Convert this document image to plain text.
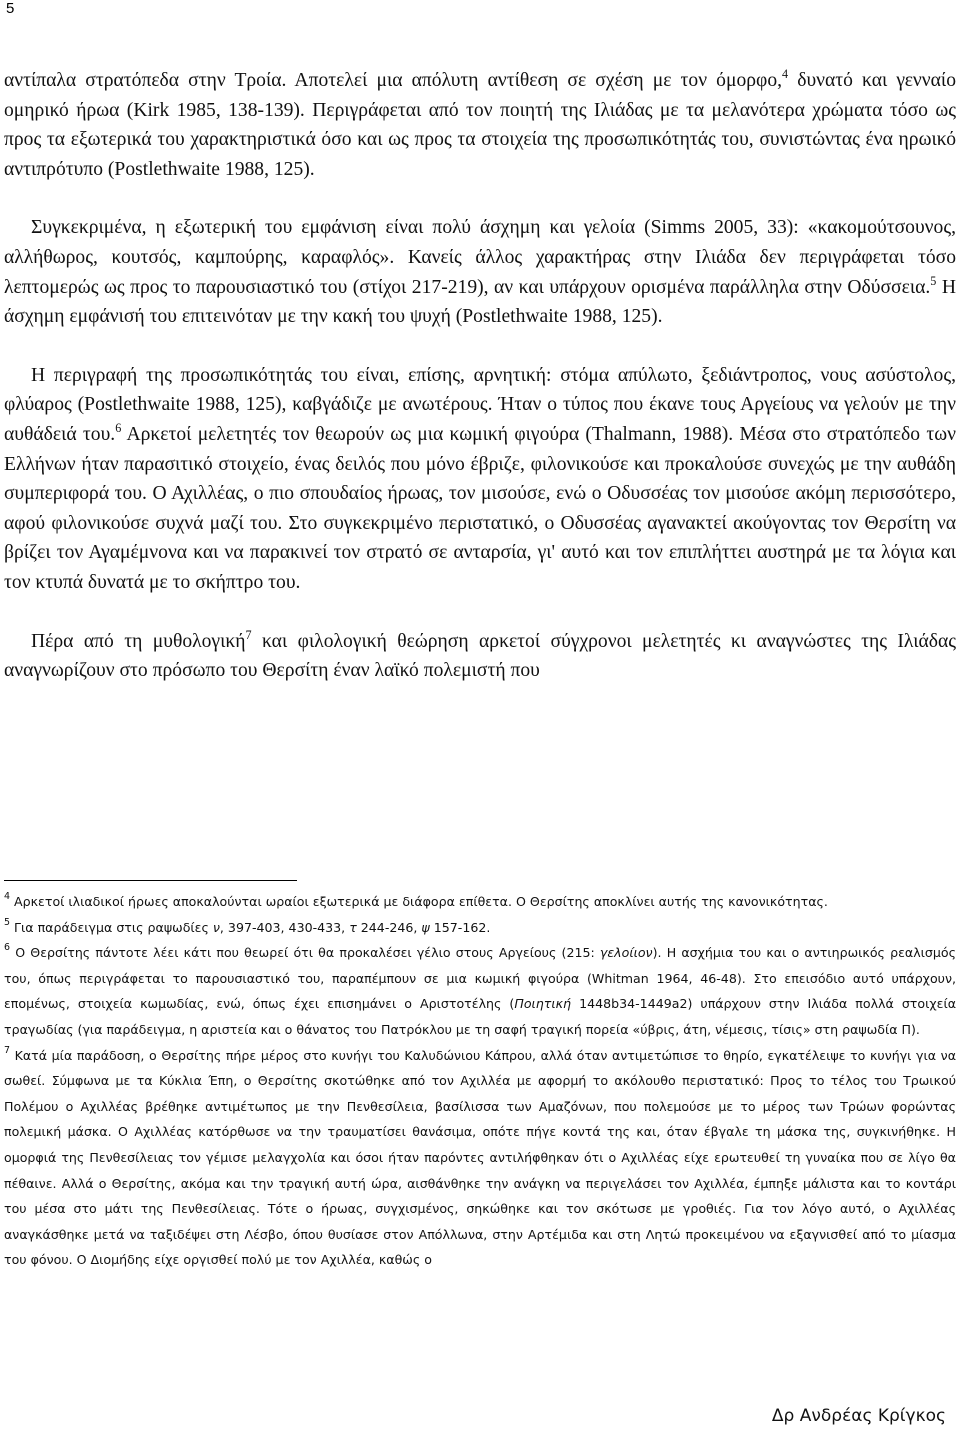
5

αντίπαλα στρατόπεδα στην Τροία. Αποτελεί μια απόλυτη αντίθεση σε σχέση με τον όμορφο,$^4$ δυνατό και γενναίο ομηρικό ήρωα (Kirk 1985, 138-139). Περιγράφεται από τον ποιητή της Ιλιάδας με τα μελανότερα χρώματα τόσο ως προς τα εξωτερικά του χαρακτηριστικά όσο και ως προς τα στοιχεία της προσωπικότητάς του, συνιστώντας ένα ηρωικό αντιπρότυπο (Postlethwaite 1988, 125).

Συγκεκριμένα, η εξωτερική του εμφάνιση είναι πολύ άσχημη και γελοία (Simms 2005, 33): «κακομούτσουνος, αλλήθωρος, κουτσός, καμπούρης, καραφλός». Κανείς άλλος χαρακτήρας στην Ιλιάδα δεν περιγράφεται τόσο λεπτομερώς ως προς το παρουσιαστικό του (στίχοι 217-219), αν και υπάρχουν ορισμένα παράλληλα στην Οδύσσεια.$^5$ Η άσχημη εμφάνισή του επιτεινόταν με την κακή του ψυχή (Postlethwaite 1988, 125).

Η περιγραφή της προσωπικότητάς του είναι, επίσης, αρνητική: στόμα απύλωτο, ξεδιάντροπος, νους ασύστολος, φλύαρος (Postlethwaite 1988, 125), καβγάδιζε με ανωτέρους. Ήταν ο τύπος που έκανε τους Αργείους να γελούν με την αυθάδειά του.$^6$ Αρκετοί μελετητές τον θεωρούν ως μια κωμική φιγούρα (Thalmann, 1988). Μέσα στο στρατόπεδο των Ελλήνων ήταν παρασιτικό στοιχείο, ένας δειλός που μόνο έβριζε, φιλονικούσε και προκαλούσε συνεχώς με την αυθάδη συμπεριφορά του. Ο Αχιλλέας, ο πιο σπουδαίος ήρωας, τον μισούσε, ενώ ο Οδυσσέας τον μισούσε ακόμη περισσότερο, αφού φιλονικούσε συχνά μαζί του. Στο συγκεκριμένο περιστατικό, ο Οδυσσέας αγανακτεί ακούγοντας τον Θερσίτη να βρίζει τον Αγαμέμνονα και να παρακινεί τον στρατό σε ανταρσία, γι' αυτό και τον επιπλήττει αυστηρά με τα λόγια και τον κτυπά δυνατά με το σκήπτρο του.

Πέρα από τη μυθολογική$^7$ και φιλολογική θεώρηση αρκετοί σύγχρονοι μελετητές κι αναγνώστες της Ιλιάδας αναγνωρίζουν στο πρόσωπο του Θερσίτη έναν λαϊκό πολεμιστή που

$^4$ Αρκετοί ιλιαδικοί ήρωες αποκαλούνται ωραίοι εξωτερικά με διάφορα επίθετα. Ο Θερσίτης αποκλίνει αυτής της κανονικότητας.

$^5$ Για παράδειγμα στις ραψωδίες ν, 397-403, 430-433, τ 244-246, ψ 157-162.

$^6$ Ο Θερσίτης πάντοτε λέει κάτι που θεωρεί ότι θα προκαλέσει γέλιο στους Αργείους (215: γελοίιον). Η ασχήμια του και ο αντιηρωικός ρεαλισμός του, όπως περιγράφεται το παρουσιαστικό του, παραπέμπουν σε μια κωμική φιγούρα (Whitman 1964, 46-48). Στο επεισόδιο αυτό υπάρχουν, επομένως, στοιχεία κωμωδίας, ενώ, όπως έχει επισημάνει ο Αριστοτέλης (Ποιητική 1448b34-1449a2) υπάρχουν στην Ιλιάδα πολλά στοιχεία τραγωδίας (για παράδειγμα, η αριστεία και ο θάνατος του Πατρόκλου με τη σαφή τραγική πορεία «ύβρις, άτη, νέμεσις, τίσις» στη ραψωδία Π).

$^7$ Κατά μία παράδοση, ο Θερσίτης πήρε μέρος στο κυνήγι του Καλυδώνιου Κάπρου, αλλά όταν αντιμετώπισε το θηρίο, εγκατέλειψε το κυνήγι για να σωθεί. Σύμφωνα με τα Κύκλια Έπη, ο Θερσίτης σκοτώθηκε από τον Αχιλλέα με αφορμή το ακόλουθο περιστατικό: Προς το τέλος του Τρωικού Πολέμου ο Αχιλλέας βρέθηκε αντιμέτωπος με την Πενθεσίλεια, βασίλισσα των Αμαζόνων, που πολεμούσε με το μέρος των Τρώων φορώντας πολεμική μάσκα. Ο Αχιλλέας κατόρθωσε να την τραυματίσει θανάσιμα, οπότε πήγε κοντά της και, όταν έβγαλε τη μάσκα της, συγκινήθηκε. Η ομορφιά της Πενθεσίλειας τον γέμισε μελαγχολία και όσοι ήταν παρόντες αντιλήφθηκαν ότι ο Αχιλλέας είχε ερωτευθεί τη γυναίκα που σε λίγο θα πέθαινε. Αλλά ο Θερσίτης, ακόμα και την τραγική αυτή ώρα, αισθάνθηκε την ανάγκη να περιγελάσει τον Αχιλλέα, έμπηξε μάλιστα και το κοντάρι του μέσα στο μάτι της Πενθεσίλειας. Τότε ο ήρωας, συγχισμένος, σηκώθηκε και τον σκότωσε με γροθιές. Για τον λόγο αυτό, ο Αχιλλέας αναγκάσθηκε μετά να ταξιδέψει στη Λέσβο, όπου θυσίασε στον Απόλλωνα, στην Αρτέμιδα και στη Λητώ προκειμένου να εξαγνισθεί από το μίασμα του φόνου. Ο Διομήδης είχε οργισθεί πολύ με τον Αχιλλέα, καθώς ο

Δρ Ανδρέας Κρίγκος
